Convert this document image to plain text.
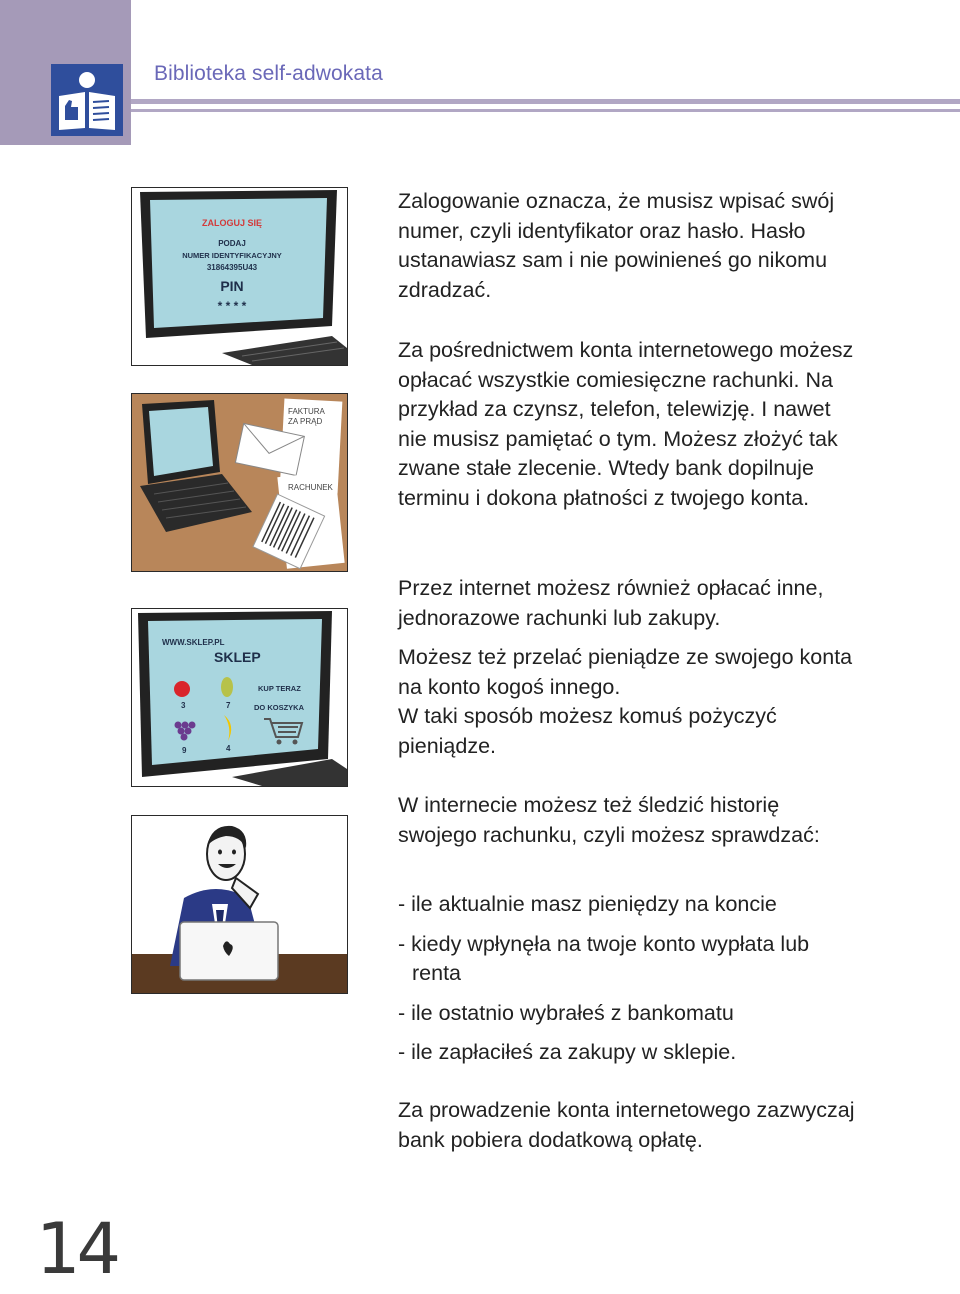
Biblioteka self-adwokata
ZALOGUJ SIĘ
PODAJ
NUMER IDENTYFIKACYJNY
31864395U43
PIN
* * * *
FAKTURA
ZA PRĄD
RACHUNEK
WWW.SKLEP.PL
SKLEP
3	7
9	4
KUP TERAZ
DO KOSZYKA

Zalogowanie oznacza, że musisz wpisać swój numer, czyli identyfikator oraz hasło. Hasło ustanawiasz sam i nie powinieneś go nikomu zdradzać.

Za pośrednictwem konta internetowego możesz opłacać wszystkie comiesięczne rachunki. Na przykład za czynsz, telefon, telewizję. I nawet nie musisz pamiętać o tym. Możesz złożyć tak zwane stałe zlecenie. Wtedy bank dopilnuje terminu i dokona płatności z twojego konta.

Przez internet możesz również opłacać inne, jednorazowe rachunki lub zakupy.

Możesz też przelać pieniądze ze swojego konta na konto kogoś innego.

W taki sposób możesz komuś pożyczyć pieniądze.

W internecie możesz też śledzić historię swojego rachunku, czyli możesz sprawdzać:

- ile aktualnie masz pieniędzy na koncie

- kiedy wpłynęła na twoje konto wypłata lub renta

- ile ostatnio wybrałeś z bankomatu

- ile zapłaciłeś za zakupy w sklepie.

Za prowadzenie konta internetowego zazwyczaj bank pobiera dodatkową opłatę.

14
